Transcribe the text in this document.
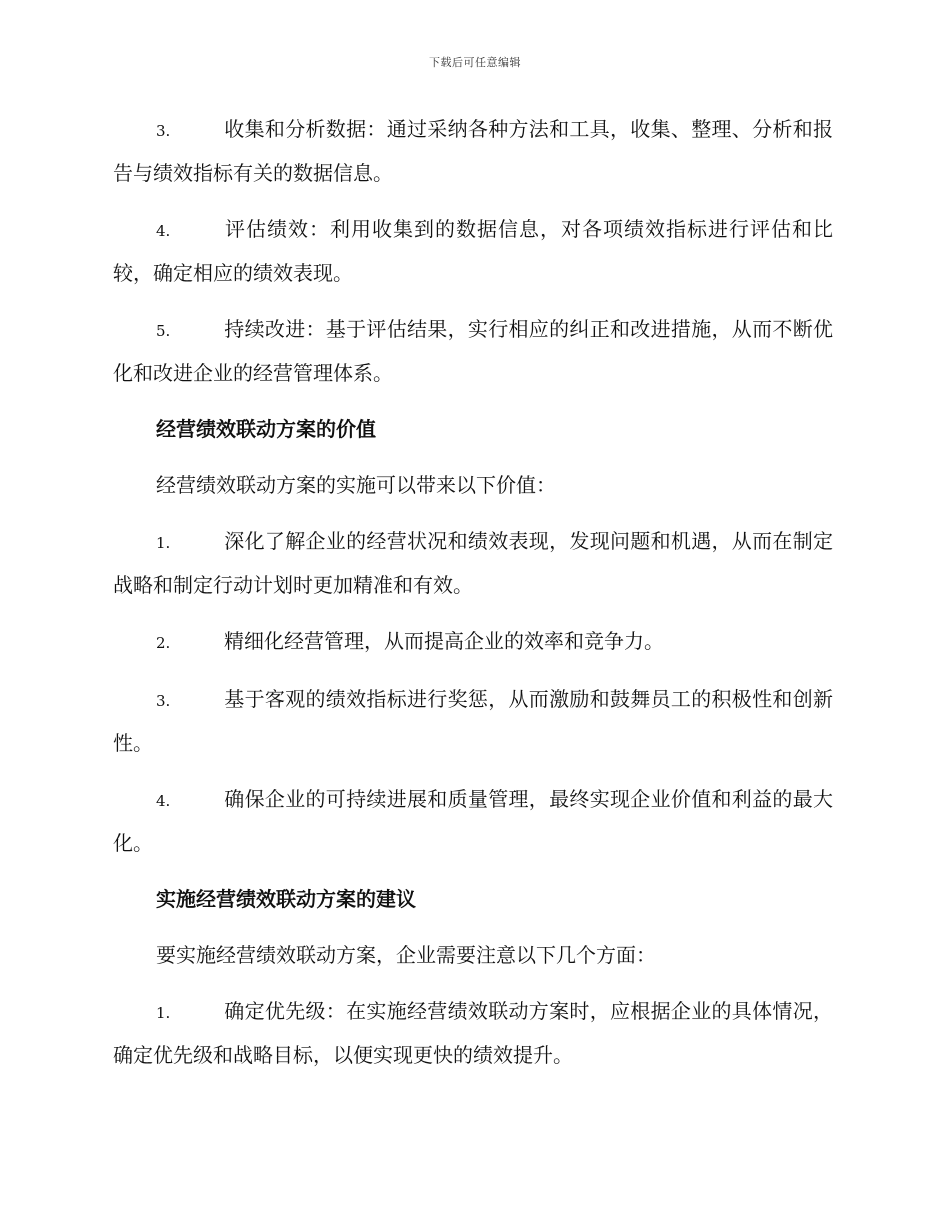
下载后可任意编辑
3.	收集和分析数据：通过采纳各种方法和工具，收集、整理、分析和报告与绩效指标有关的数据信息。
4.	评估绩效：利用收集到的数据信息，对各项绩效指标进行评估和比较，确定相应的绩效表现。
5.	持续改进：基于评估结果，实行相应的纠正和改进措施，从而不断优化和改进企业的经营管理体系。
经营绩效联动方案的价值
经营绩效联动方案的实施可以带来以下价值：
1.	深化了解企业的经营状况和绩效表现，发现问题和机遇，从而在制定战略和制定行动计划时更加精准和有效。
2.	精细化经营管理，从而提高企业的效率和竞争力。
3.	基于客观的绩效指标进行奖惩，从而激励和鼓舞员工的积极性和创新性。
4.	确保企业的可持续进展和质量管理，最终实现企业价值和利益的最大化。
实施经营绩效联动方案的建议
要实施经营绩效联动方案，企业需要注意以下几个方面：
1.	确定优先级：在实施经营绩效联动方案时，应根据企业的具体情况，确定优先级和战略目标，以便实现更快的绩效提升。
